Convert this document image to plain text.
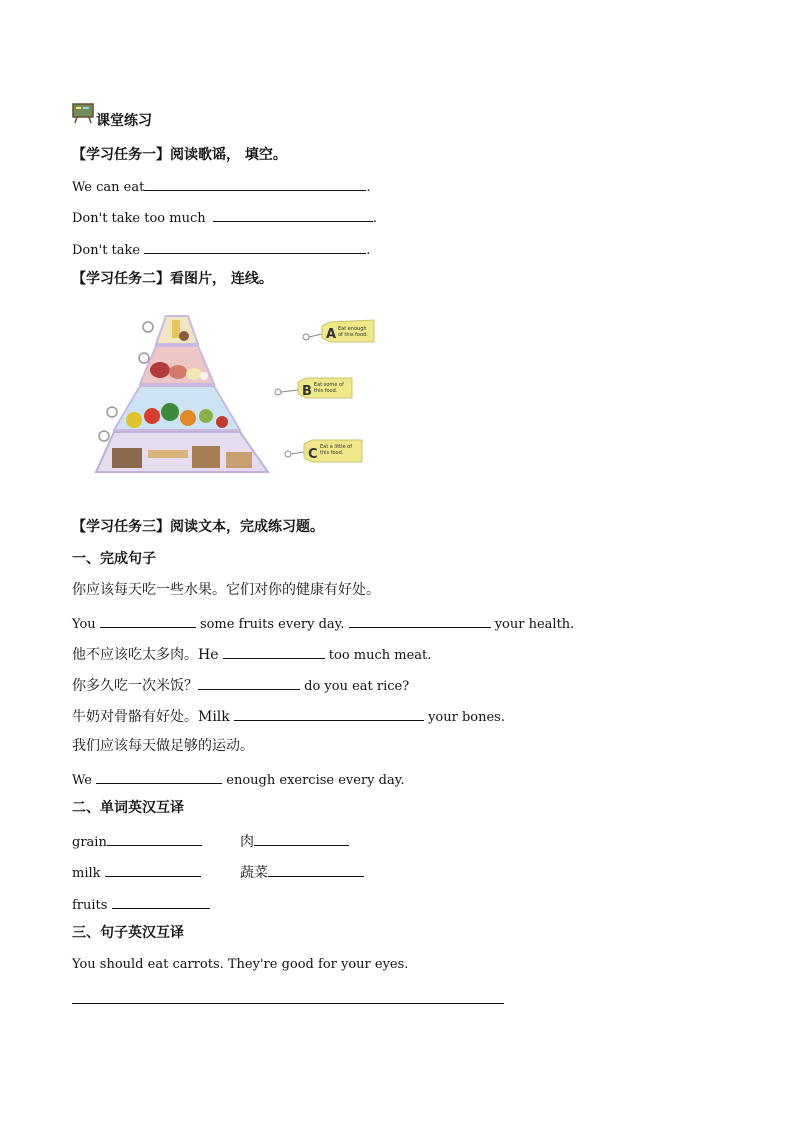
课堂练习
【学习任务一】阅读歌谣， 填空。
We can eat	.
Don't take too much	.
Don't take	.
【学习任务二】看图片， 连线。
A Eat enough
of this food.
B Eat some of
this food.
C Eat a little of
this food.
【学习任务三】阅读文本，完成练习题。
一、完成句子
你应该每天吃一些水果。它们对你的健康有好处。
You	some fruits every day.	your health.
他不应该吃太多肉。He	too much meat.
你多久吃一次米饭？	do you eat rice?
牛奶对骨骼有好处。Milk	your bones.
我们应该每天做足够的运动。
We	enough exercise every day.
二、单词英汉互译
grain	肉
milk	蔬菜
fruits
三、句子英汉互译
You should eat carrots. They're good for your eyes.
